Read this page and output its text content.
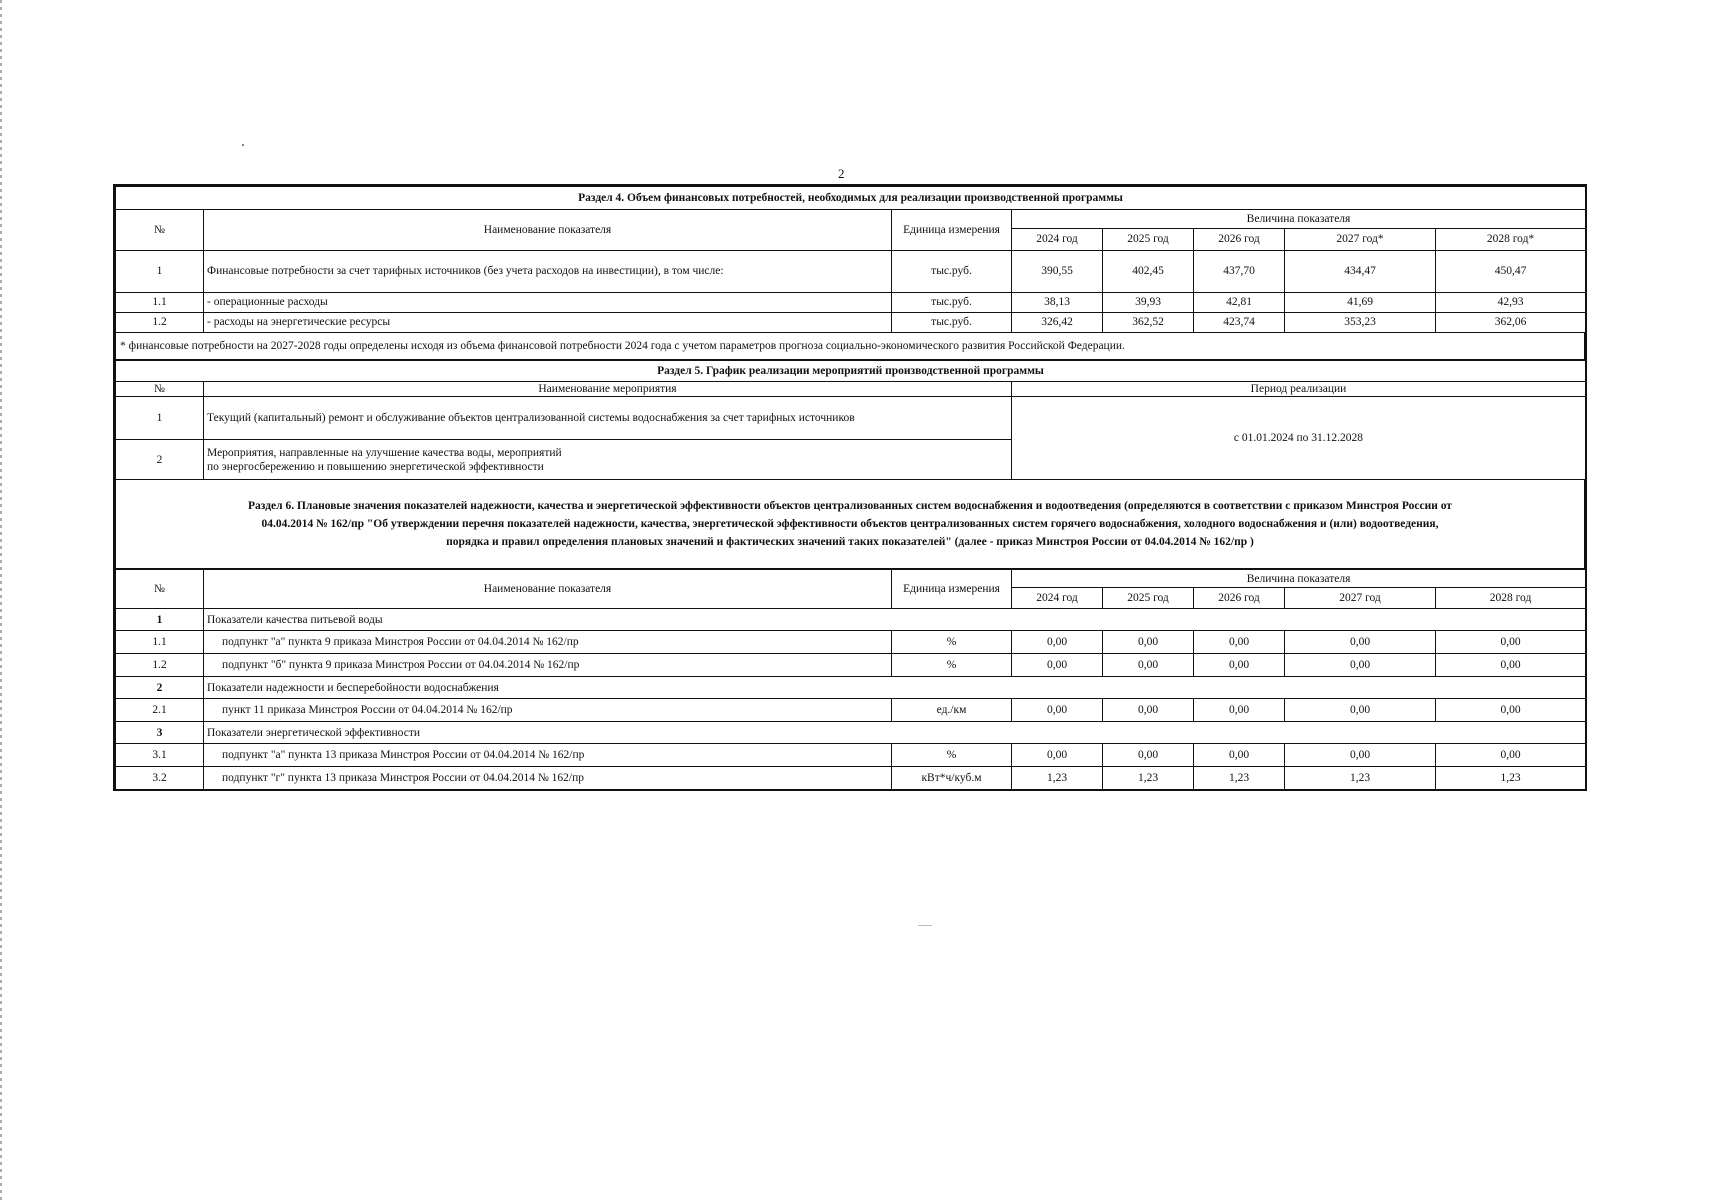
2
Раздел 4. Объем финансовых потребностей, необходимых для реализации производственной программы							
№	Наименование показателя	Единица измерения	Величина показателя				
			2024 год	2025 год	2026 год	2027 год*	2028 год*
1	Финансовые потребности за счет тарифных источников (без учета расходов на инвестиции), в том числе:	тыс.руб.	390,55	402,45	437,70	434,47	450,47
1.1	- операционные расходы	тыс.руб.	38,13	39,93	42,81	41,69	42,93
1.2	- расходы на энергетические ресурсы	тыс.руб.	326,42	362,52	423,74	353,23	362,06
* финансовые потребности на 2027-2028 годы определены исходя из объема финансовой потребности 2024 года с учетом параметров прогноза социально-экономического развития Российской Федерации.
Раздел 5. График реализации мероприятий производственной программы		
№	Наименование мероприятия	Период реализации
1	Текущий (капитальный) ремонт и обслуживание объектов централизованной системы водоснабжения за счет тарифных источников	с 01.01.2024 по 31.12.2028
2	Мероприятия, направленные на улучшение качества воды, мероприятий
по энергосбережению и повышению энергетической эффективности	
Раздел 6. Плановые значения показателей надежности, качества и энергетической эффективности объектов централизованных систем водоснабжения и водоотведения (определяются в соответствии с приказом Минстроя России от
04.04.2014 № 162/пр "Об утверждении перечня показателей надежности, качества, энергетической эффективности объектов централизованных систем горячего водоснабжения, холодного водоснабжения и (или) водоотведения,
порядка и правил определения плановых значений и фактических значений таких показателей" (далее - приказ Минстроя России от 04.04.2014 № 162/пр )
№	Наименование показателя	Единица измерения	Величина показателя				
			2024 год	2025 год	2026 год	2027 год	2028 год
1	Показатели качества питьевой воды						
1.1	подпункт "а" пункта 9 приказа Минстроя России от 04.04.2014 № 162/пр	%	0,00	0,00	0,00	0,00	0,00
1.2	подпункт "б" пункта 9 приказа Минстроя России от 04.04.2014 № 162/пр	%	0,00	0,00	0,00	0,00	0,00
2	Показатели надежности и бесперебойности водоснабжения						
2.1	пункт 11 приказа Минстроя России от 04.04.2014 № 162/пр	ед./км	0,00	0,00	0,00	0,00	0,00
3	Показатели энергетической эффективности						
3.1	подпункт "а" пункта 13 приказа Минстроя России от 04.04.2014 № 162/пр	%	0,00	0,00	0,00	0,00	0,00
3.2	подпункт "г" пункта 13 приказа Минстроя России от 04.04.2014 № 162/пр	кВт*ч/куб.м	1,23	1,23	1,23	1,23	1,23
